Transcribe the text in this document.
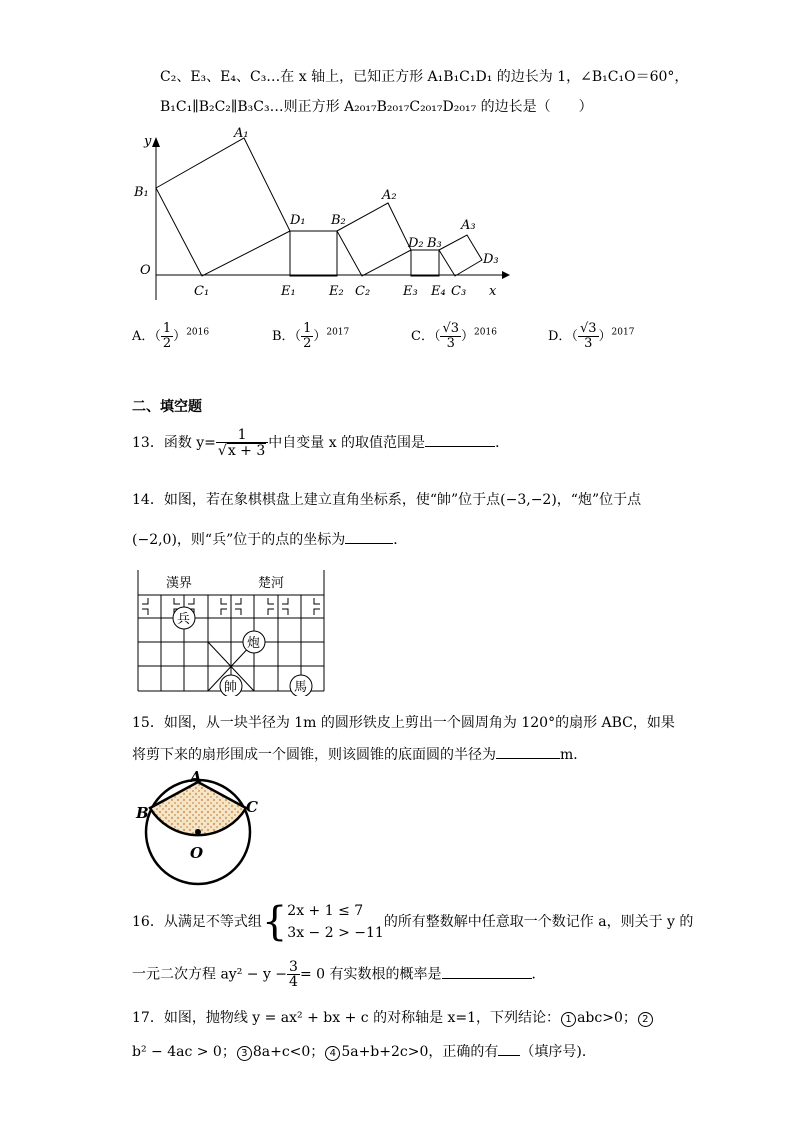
C₂、E₃、E₄、C₃…在 x 轴上，已知正方形 A₁B₁C₁D₁ 的边长为 1，∠B₁C₁O＝60°，
B₁C₁∥B₂C₂∥B₃C₃…则正方形 A₂₀₁₇B₂₀₁₇C₂₀₁₇D₂₀₁₇ 的边长是（　　）
y
x
O
B₁
A₁
D₁ B₂
A₂
D₂ B₃
A₃
D₃
C₁	E₁	E₂ C₂	E₃ E₄ C₃
A．（ $\frac{1}{2} )^{2016}$	B．（ $\frac{1}{2} )^{2017}$	C．（ $\frac{√3}{3} )^{2016}$	D．（ $\frac{√3}{3} )^{2017}$
二、填空题
13．函数 $y= \frac{1}{√x + 3}$ 中自变量 x 的取值范围是	．
14．如图，若在象棋棋盘上建立直角坐标系，使“帥”位于点(−3,−2)，“炮”位于点
(−2,0)，则“兵”位于的点的坐标为	．
漢界	楚河
兵
炮
帥	馬
15．如图，从一块半径为 1m 的圆形铁皮上剪出一个圆周角为 120°的扇形 ABC，如果
将剪下来的扇形围成一个圆锥，则该圆锥的底面圆的半径为	m．
A
B	C
O
16．从满足不等式组{ 2x + 1 ≤ 7
3x − 2 > −11
的所有整数解中任意取一个数记作 a，则关于 y 的
一元二次方程 $ay^2 - y - \frac{3}{4} = 0$ 有实数根的概率是	．
17．如图，抛物线 y = ax² + bx + c 的对称轴是 x=1，下列结论： 1 abc>0； 2
b² − 4ac > 0； 3 8a+c<0； 4 5a+b+2c>0，正确的有 （填序号)．
